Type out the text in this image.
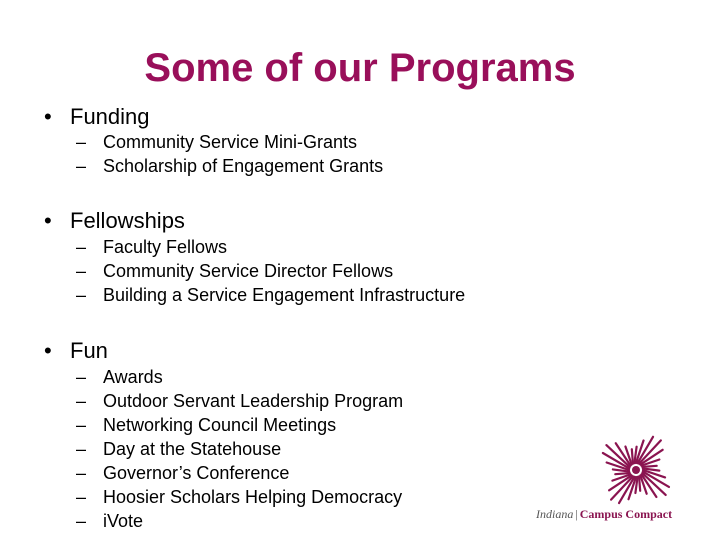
Some of our Programs
• Funding
– Community Service Mini-Grants
– Scholarship of Engagement Grants
• Fellowships
– Faculty Fellows
– Community Service Director Fellows
– Building a Service Engagement Infrastructure
• Fun
– Awards
– Outdoor Servant Leadership Program
– Networking Council Meetings
– Day at the Statehouse
– Governor’s Conference
– Hoosier Scholars Helping Democracy
– iVote	Indiana | Campus Compact
